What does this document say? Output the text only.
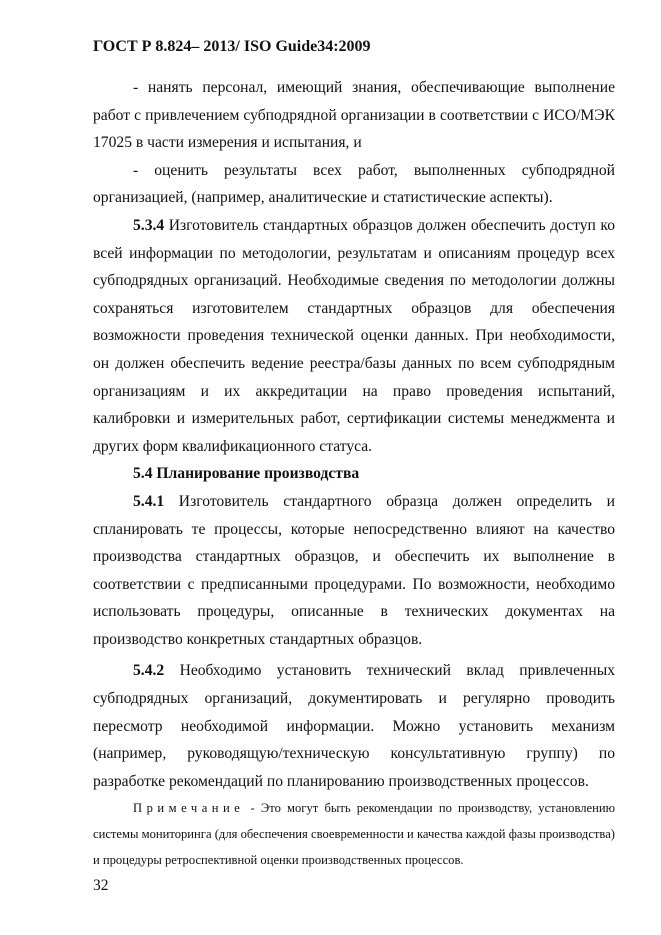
ГОСТ Р 8.824– 2013/ ISO Guide34:2009

- нанять персонал, имеющий знания, обеспечивающие выполнение работ с привлечением субподрядной организации в соответствии с ИСО/МЭК 17025 в части измерения и испытания, и

- оценить результаты всех работ, выполненных субподрядной организацией, (например, аналитические и статистические аспекты).

5.3.4 Изготовитель стандартных образцов должен обеспечить доступ ко всей информации по методологии, результатам и описаниям процедур всех субподрядных организаций. Необходимые сведения по методологии должны сохраняться изготовителем стандартных образцов для обеспечения возможности проведения технической оценки данных. При необходимости, он должен обеспечить ведение реестра/базы данных по всем субподрядным организациям и их аккредитации на право проведения испытаний, калибровки и измерительных работ, сертификации системы менеджмента и других форм квалификационного статуса.

5.4 Планирование производства

5.4.1 Изготовитель стандартного образца должен определить и спланировать те процессы, которые непосредственно влияют на качество производства стандартных образцов, и обеспечить их выполнение в соответствии с предписанными процедурами. По возможности, необходимо использовать процедуры, описанные в технических документах на производство конкретных стандартных образцов.

5.4.2 Необходимо установить технический вклад привлеченных субподрядных организаций, документировать и регулярно проводить пересмотр необходимой информации. Можно установить механизм (например, руководящую/техническую консультативную группу) по разработке рекомендаций по планированию производственных процессов.

Примечание - Это могут быть рекомендации по производству, установлению системы мониторинга (для обеспечения своевременности и качества каждой фазы производства) и процедуры ретроспективной оценки производственных процессов.

32
